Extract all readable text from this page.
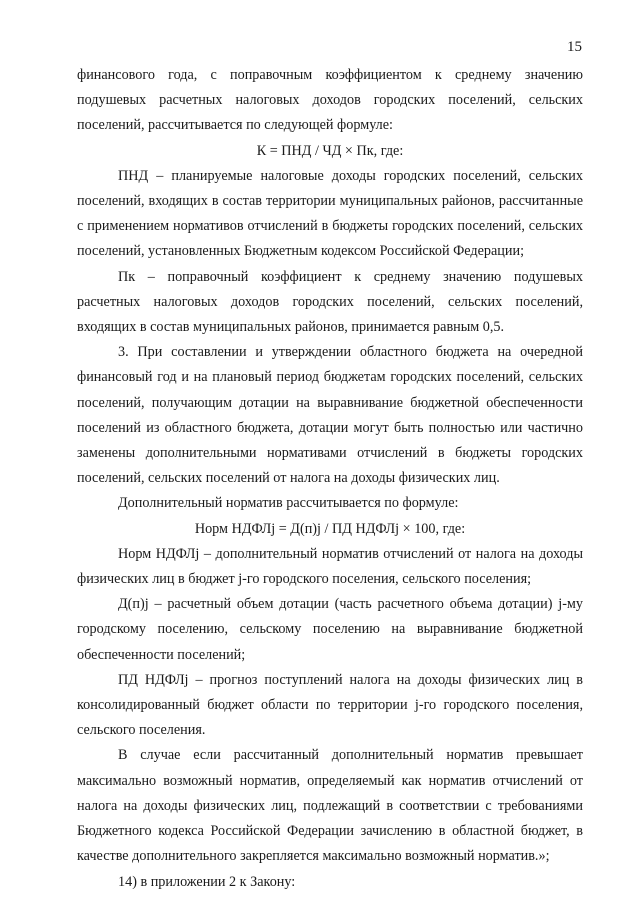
15

финансового года, с поправочным коэффициентом к среднему значению подушевых расчетных налоговых доходов городских поселений, сельских поселений, рассчитывается по следующей формуле:

К = ПНД / ЧД × Пк, где:

ПНД – планируемые налоговые доходы городских поселений, сельских поселений, входящих в состав территории муниципальных районов, рассчитанные с применением нормативов отчислений в бюджеты городских поселений, сельских поселений, установленных Бюджетным кодексом Российской Федерации;

Пк – поправочный коэффициент к среднему значению подушевых расчетных налоговых доходов городских поселений, сельских поселений, входящих в состав муниципальных районов, принимается равным 0,5.

3. При составлении и утверждении областного бюджета на очередной финансовый год и на плановый период бюджетам городских поселений, сельских поселений, получающим дотации на выравнивание бюджетной обеспеченности поселений из областного бюджета, дотации могут быть полностью или частично заменены дополнительными нормативами отчислений в бюджеты городских поселений, сельских поселений от налога на доходы физических лиц.

Дополнительный норматив рассчитывается по формуле:

Норм НДФЛj = Д(п)j / ПД НДФЛj × 100, где:

Норм НДФЛj – дополнительный норматив отчислений от налога на доходы физических лиц в бюджет j-го городского поселения, сельского поселения;

Д(п)j – расчетный объем дотации (часть расчетного объема дотации) j-му городскому поселению, сельскому поселению на выравнивание бюджетной обеспеченности поселений;

ПД НДФЛj – прогноз поступлений налога на доходы физических лиц в консолидированный бюджет области по территории j-го городского поселения, сельского поселения.

В случае если рассчитанный дополнительный норматив превышает максимально возможный норматив, определяемый как норматив отчислений от налога на доходы физических лиц, подлежащий в соответствии с требованиями Бюджетного кодекса Российской Федерации зачислению в областной бюджет, в качестве дополнительного закрепляется максимально возможный норматив.»;

14) в приложении 2 к Закону:
